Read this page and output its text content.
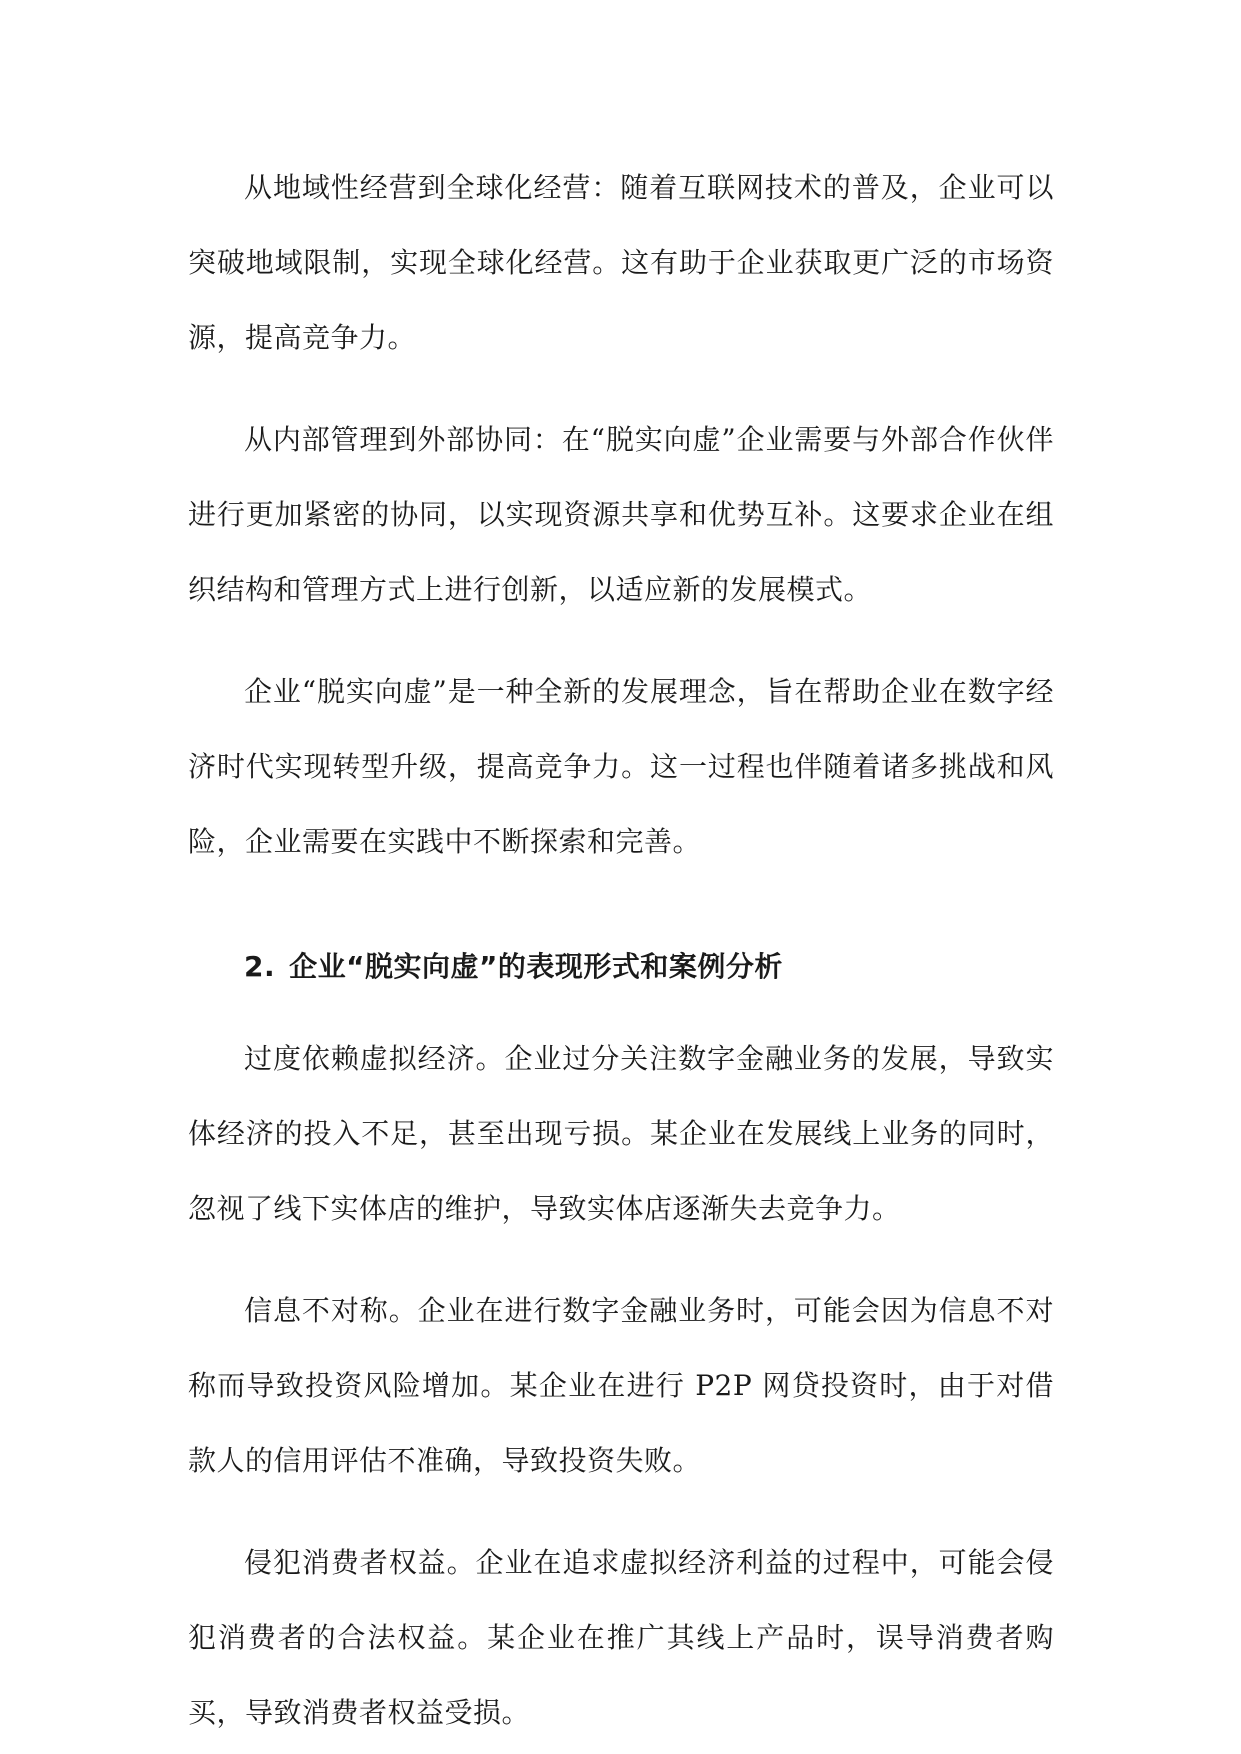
从地域性经营到全球化经营：随着互联网技术的普及，企业可以突破地域限制，实现全球化经营。这有助于企业获取更广泛的市场资源，提高竞争力。

从内部管理到外部协同：在“脱实向虚”企业需要与外部合作伙伴进行更加紧密的协同，以实现资源共享和优势互补。这要求企业在组织结构和管理方式上进行创新，以适应新的发展模式。

企业“脱实向虚”是一种全新的发展理念，旨在帮助企业在数字经济时代实现转型升级，提高竞争力。这一过程也伴随着诸多挑战和风险，企业需要在实践中不断探索和完善。

2. 企业“脱实向虚”的表现形式和案例分析

过度依赖虚拟经济。企业过分关注数字金融业务的发展，导致实体经济的投入不足，甚至出现亏损。某企业在发展线上业务的同时，忽视了线下实体店的维护，导致实体店逐渐失去竞争力。

信息不对称。企业在进行数字金融业务时，可能会因为信息不对称而导致投资风险增加。某企业在进行 P2P 网贷投资时，由于对借款人的信用评估不准确，导致投资失败。

侵犯消费者权益。企业在追求虚拟经济利益的过程中，可能会侵犯消费者的合法权益。某企业在推广其线上产品时，误导消费者购买，导致消费者权益受损。
